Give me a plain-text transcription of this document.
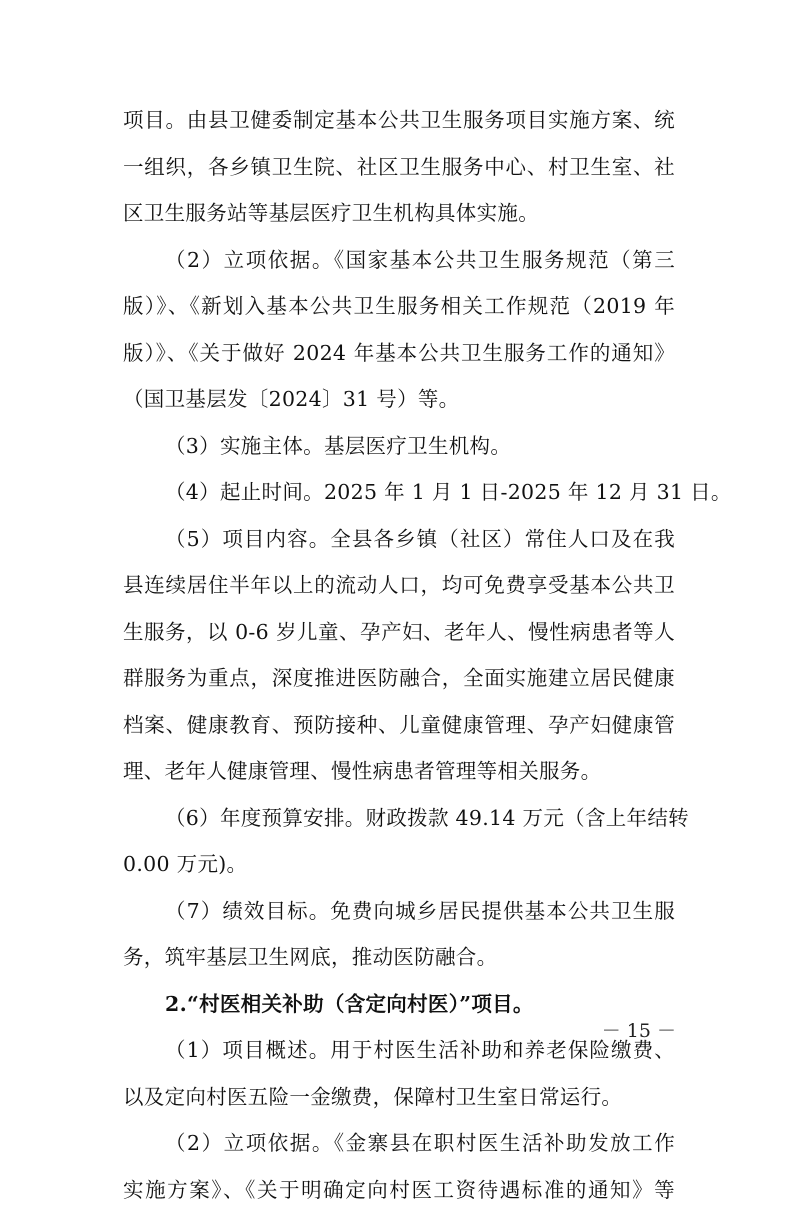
项目。由县卫健委制定基本公共卫生服务项目实施方案、统
一组织，各乡镇卫生院、社区卫生服务中心、村卫生室、社
区卫生服务站等基层医疗卫生机构具体实施。
（2）立项依据。《国家基本公共卫生服务规范（第三
版）》、《新划入基本公共卫生服务相关工作规范（2019 年
版）》、《关于做好 2024 年基本公共卫生服务工作的通知》
（国卫基层发〔2024〕31 号）等。
（3）实施主体。基层医疗卫生机构。
（4）起止时间。2025 年 1 月 1 日-2025 年 12 月 31 日。
（5）项目内容。全县各乡镇（社区）常住人口及在我
县连续居住半年以上的流动人口，均可免费享受基本公共卫
生服务，以 0-6 岁儿童、孕产妇、老年人、慢性病患者等人
群服务为重点，深度推进医防融合，全面实施建立居民健康
档案、健康教育、预防接种、儿童健康管理、孕产妇健康管
理、老年人健康管理、慢性病患者管理等相关服务。
（6）年度预算安排。财政拨款 49.14 万元（含上年结转
0.00 万元)。
（7）绩效目标。免费向城乡居民提供基本公共卫生服
务，筑牢基层卫生网底，推动医防融合。
2.“村医相关补助（含定向村医）”项目。
（1）项目概述。用于村医生活补助和养老保险缴费、
以及定向村医五险一金缴费，保障村卫生室日常运行。
（2）立项依据。《金寨县在职村医生活补助发放工作
实施方案》、《关于明确定向村医工资待遇标准的通知》等
－ 15 －
